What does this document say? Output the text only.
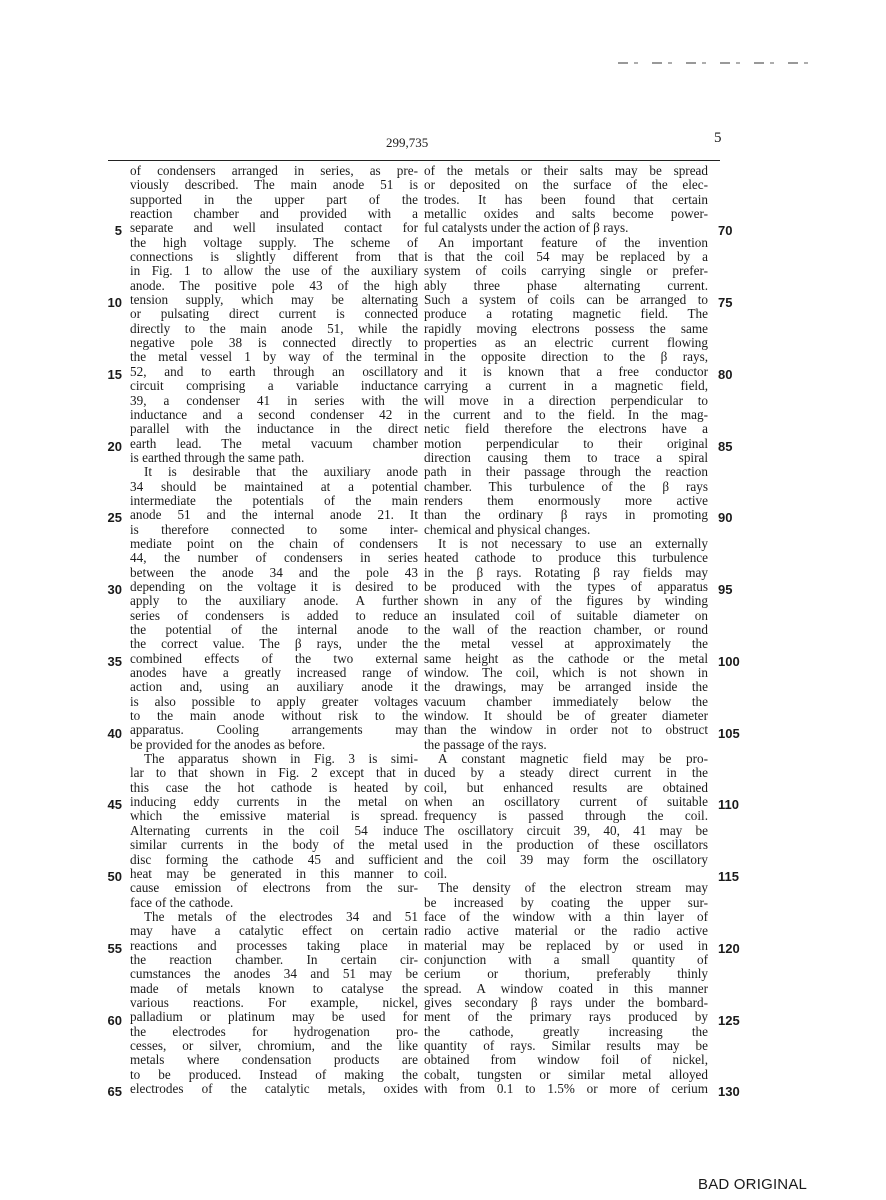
299,735	5
of condensers arranged in series, as pre-
viously described. The main anode 51 is
supported in the upper part of the
reaction chamber and provided with a
separate and well insulated contact for
the high voltage supply. The scheme of
connections is slightly different from that
in Fig. 1 to allow the use of the auxiliary
anode. The positive pole 43 of the high
tension supply, which may be alternating
or pulsating direct current is connected
directly to the main anode 51, while the
negative pole 38 is connected directly to
the metal vessel 1 by way of the terminal
52, and to earth through an oscillatory
circuit comprising a variable inductance
39, a condenser 41 in series with the
inductance and a second condenser 42 in
parallel with the inductance in the direct
earth lead. The metal vacuum chamber
is earthed through the same path.
It is desirable that the auxiliary anode
34 should be maintained at a potential
intermediate the potentials of the main
anode 51 and the internal anode 21. It
is therefore connected to some inter-
mediate point on the chain of condensers
44, the number of condensers in series
between the anode 34 and the pole 43
depending on the voltage it is desired to
apply to the auxiliary anode. A further
series of condensers is added to reduce
the potential of the internal anode to
the correct value. The β rays, under the
combined effects of the two external
anodes have a greatly increased range of
action and, using an auxiliary anode it
is also possible to apply greater voltages
to the main anode without risk to the
apparatus. Cooling arrangements may
be provided for the anodes as before.
The apparatus shown in Fig. 3 is simi-
lar to that shown in Fig. 2 except that in
this case the hot cathode is heated by
inducing eddy currents in the metal on
which the emissive material is spread.
Alternating currents in the coil 54 induce
similar currents in the body of the metal
disc forming the cathode 45 and sufficient
heat may be generated in this manner to
cause emission of electrons from the sur-
face of the cathode.
The metals of the electrodes 34 and 51
may have a catalytic effect on certain
reactions and processes taking place in
the reaction chamber. In certain cir-
cumstances the anodes 34 and 51 may be
made of metals known to catalyse the
various reactions. For example, nickel,
palladium or platinum may be used for
the electrodes for hydrogenation pro-
cesses, or silver, chromium, and the like
metals where condensation products are
to be produced. Instead of making the
electrodes of the catalytic metals, oxides
of the metals or their salts may be spread
or deposited on the surface of the elec-
trodes. It has been found that certain
metallic oxides and salts become power-
ful catalysts under the action of β rays.
An important feature of the invention
is that the coil 54 may be replaced by a
system of coils carrying single or prefer-
ably three phase alternating current.
Such a system of coils can be arranged to
produce a rotating magnetic field. The
rapidly moving electrons possess the same
properties as an electric current flowing
in the opposite direction to the β rays,
and it is known that a free conductor
carrying a current in a magnetic field,
will move in a direction perpendicular to
the current and to the field. In the mag-
netic field therefore the electrons have a
motion perpendicular to their original
direction causing them to trace a spiral
path in their passage through the reaction
chamber. This turbulence of the β rays
renders them enormously more active
than the ordinary β rays in promoting
chemical and physical changes.
It is not necessary to use an externally
heated cathode to produce this turbulence
in the β rays. Rotating β ray fields may
be produced with the types of apparatus
shown in any of the figures by winding
an insulated coil of suitable diameter on
the wall of the reaction chamber, or round
the metal vessel at approximately the
same height as the cathode or the metal
window. The coil, which is not shown in
the drawings, may be arranged inside the
vacuum chamber immediately below the
window. It should be of greater diameter
than the window in order not to obstruct
the passage of the rays.
A constant magnetic field may be pro-
duced by a steady direct current in the
coil, but enhanced results are obtained
when an oscillatory current of suitable
frequency is passed through the coil.
The oscillatory circuit 39, 40, 41 may be
used in the production of these oscillators
and the coil 39 may form the oscillatory
coil.
The density of the electron stream may
be increased by coating the upper sur-
face of the window with a thin layer of
radio active material or the radio active
material may be replaced by or used in
conjunction with a small quantity of
cerium or thorium, preferably thinly
spread. A window coated in this manner
gives secondary β rays under the bombard-
ment of the primary rays produced by
the cathode, greatly increasing the
quantity of rays. Similar results may be
obtained from window foil of nickel,
cobalt, tungsten or similar metal alloyed
with from 0.1 to 1.5% or more of cerium
5
10
15
20
25
30
35
40
45
50
55
60
65
70
75
80
85
90
95
100
105
110
115
120
125
130
BAD ORIGINAL
